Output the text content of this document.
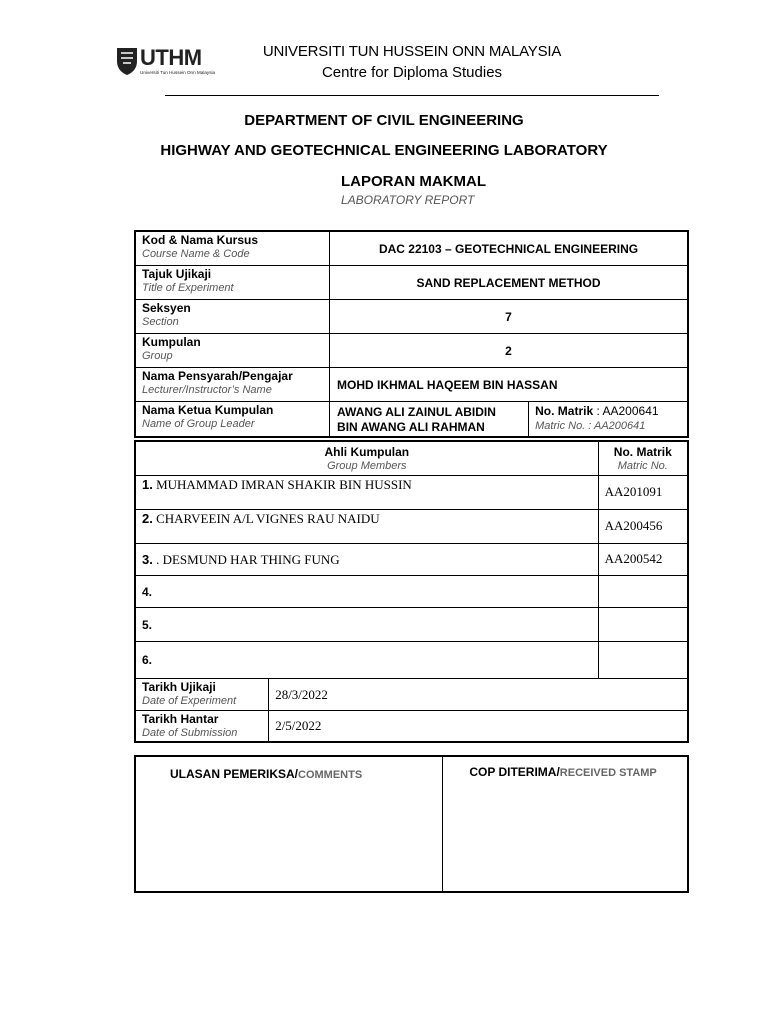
UTHM
Universiti Tun Hussein Onn Malaysia
UNIVERSITI TUN HUSSEIN ONN MALAYSIA
Centre for Diploma Studies
DEPARTMENT OF CIVIL ENGINEERING
HIGHWAY AND GEOTECHNICAL ENGINEERING LABORATORY
LAPORAN MAKMAL
LABORATORY REPORT
Kod & Nama Kursus
Course Name & Code	DAC 22103 – GEOTECHNICAL ENGINEERING	

Tajuk Ujikaji
Title of Experiment	SAND REPLACEMENT METHOD	

Seksyen
Section	7	

Kumpulan
Group	2	

Nama Pensyarah/Pengajar
Lecturer/Instructor’s Name	MOHD IKHMAL HAQEEM BIN HASSAN	

Nama Ketua Kumpulan
Name of Group Leader	AWANG ALI ZAINUL ABIDIN
BIN AWANG ALI RAHMAN	No. Matrik : AA200641
Matric No. : AA200641
Ahli Kumpulan
Group Members		No. Matrik
Matric No.

1. MUHAMMAD IMRAN SHAKIR BIN HUSSIN		AA201091
2. CHARVEEIN A/L VIGNES RAU NAIDU		AA200456
3. . DESMUND HAR THING FUNG		AA200542
4.		
5.		
6.		

Tarikh Ujikaji
Date of Experiment	28/3/2022	

Tarikh Hantar
Date of Submission	2/5/2022	
ULASAN PEMERIKSA/COMMENTS	COP DITERIMA/RECEIVED STAMP
